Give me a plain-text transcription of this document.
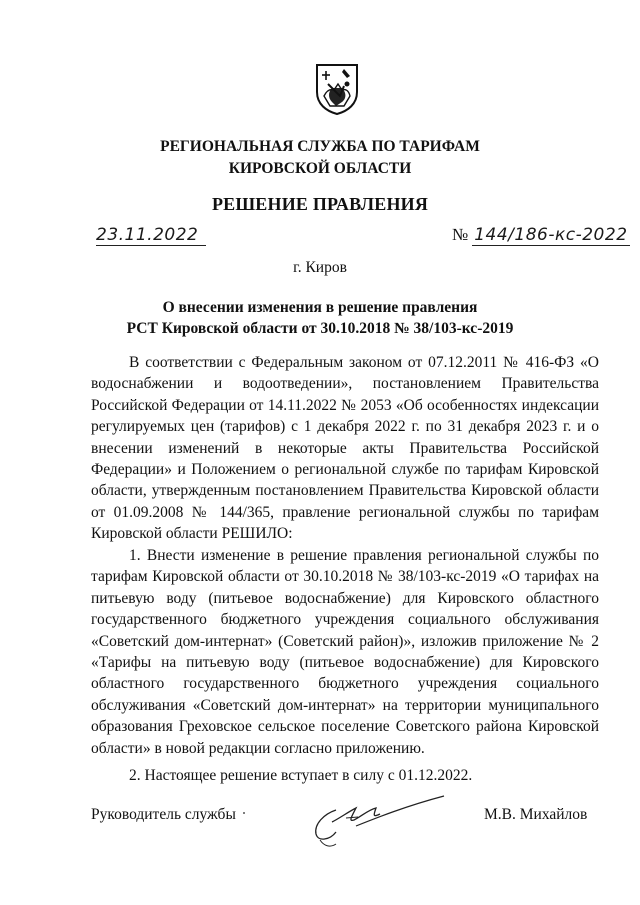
РЕГИОНАЛЬНАЯ СЛУЖБА ПО ТАРИФАМ
КИРОВСКОЙ ОБЛАСТИ
РЕШЕНИЕ ПРАВЛЕНИЯ
23.11.2022	№ 144/186-кс-2022
г. Киров
О внесении изменения в решение правления
РСТ Кировской области от 30.10.2018 № 38/103-кс-2019
В соответствии с Федеральным законом от 07.12.2011 № 416-ФЗ «О водоснабжении и водоотведении», постановлением Правительства Российской Федерации от 14.11.2022 № 2053 «Об особенностях индексации регулируемых цен (тарифов) с 1 декабря 2022 г. по 31 декабря 2023 г. и о внесении изменений в некоторые акты Правительства Российской Федерации» и Положением о региональной службе по тарифам Кировской области, утвержденным постановлением Правительства Кировской области от 01.09.2008 № 144/365, правление региональной службы по тарифам Кировской области РЕШИЛО:
1. Внести изменение в решение правления региональной службы по тарифам Кировской области от 30.10.2018 № 38/103-кс-2019 «О тарифах на питьевую воду (питьевое водоснабжение) для Кировского областного государственного бюджетного учреждения социального обслуживания «Советский дом-интернат» (Советский район)», изложив приложение № 2 «Тарифы на питьевую воду (питьевое водоснабжение) для Кировского областного государственного бюджетного учреждения социального обслуживания «Советский дом-интернат» на территории муниципального образования Греховское сельское поселение Советского района Кировской области» в новой редакции согласно приложению.
2. Настоящее решение вступает в силу с 01.12.2022.
Руководитель службы	М.В. Михайлов
